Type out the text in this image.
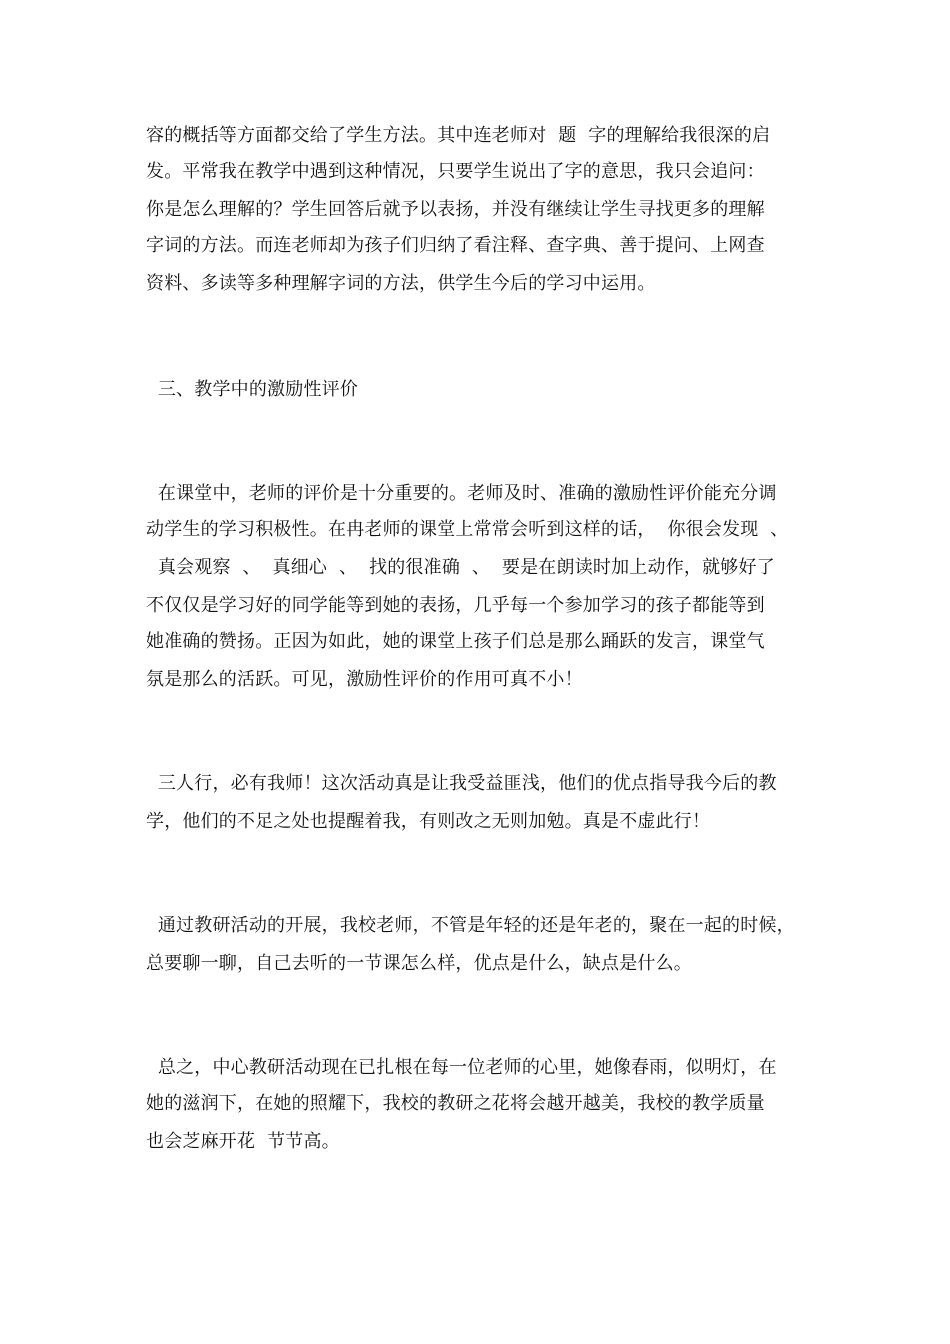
容的概括等方面都交给了学生方法。其中连老师对  题  字的理解给我很深的启
发。平常我在教学中遇到这种情况，只要学生说出了字的意思，我只会追问：
你是怎么理解的？学生回答后就予以表扬，并没有继续让学生寻找更多的理解
字词的方法。而连老师却为孩子们归纳了看注释、查字典、善于提问、上网查
资料、多读等多种理解字词的方法，供学生今后的学习中运用。
三、教学中的激励性评价
在课堂中，老师的评价是十分重要的。老师及时、准确的激励性评价能充分调
动学生的学习积极性。在冉老师的课堂上常常会听到这样的话，  你很会发现  、
真会观察  、  真细心  、  找的很准确  、  要是在朗读时加上动作，就够好了
不仅仅是学习好的同学能等到她的表扬，几乎每一个参加学习的孩子都能等到
她准确的赞扬。正因为如此，她的课堂上孩子们总是那么踊跃的发言，课堂气
氛是那么的活跃。可见，激励性评价的作用可真不小！
三人行，必有我师！这次活动真是让我受益匪浅，他们的优点指导我今后的教
学，他们的不足之处也提醒着我，有则改之无则加勉。真是不虚此行！
通过教研活动的开展，我校老师，不管是年轻的还是年老的，聚在一起的时候，
总要聊一聊，自己去听的一节课怎么样，优点是什么，缺点是什么。
总之，中心教研活动现在已扎根在每一位老师的心里，她像春雨，似明灯，在
她的滋润下，在她的照耀下，我校的教研之花将会越开越美，我校的教学质量
也会芝麻开花  节节高。
